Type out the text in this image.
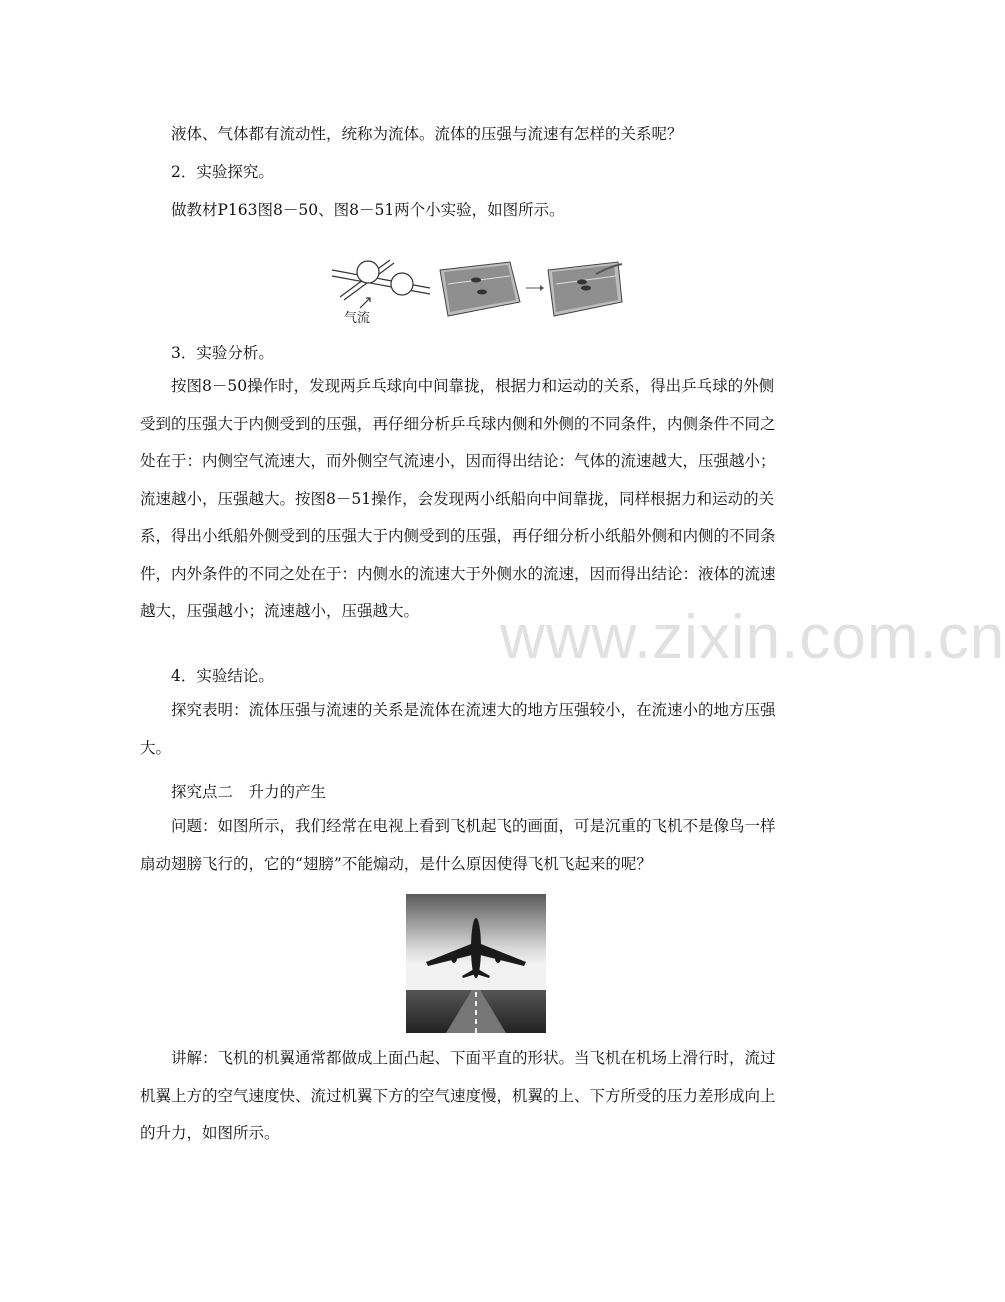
液体、气体都有流动性，统称为流体。流体的压强与流速有怎样的关系呢？
2．实验探究。
做教材P163图8－50、图8－51两个小实验，如图所示。
气流
3．实验分析。
按图8－50操作时，发现两乒乓球向中间靠拢，根据力和运动的关系，得出乒乓球的外侧受到的压强大于内侧受到的压强，再仔细分析乒乓球内侧和外侧的不同条件，内侧条件不同之处在于：内侧空气流速大，而外侧空气流速小，因而得出结论：气体的流速越大，压强越小；流速越小，压强越大。按图8－51操作，会发现两小纸船向中间靠拢，同样根据力和运动的关系，得出小纸船外侧受到的压强大于内侧受到的压强，再仔细分析小纸船外侧和内侧的不同条件，内外条件的不同之处在于：内侧水的流速大于外侧水的流速，因而得出结论：液体的流速越大，压强越小；流速越小，压强越大。	www.zixin.com.cn
4．实验结论。
探究表明：流体压强与流速的关系是流体在流速大的地方压强较小，在流速小的地方压强大。
探究点二　升力的产生
问题：如图所示，我们经常在电视上看到飞机起飞的画面，可是沉重的飞机不是像鸟一样扇动翅膀飞行的，它的“翅膀”不能煽动，是什么原因使得飞机飞起来的呢？
讲解：飞机的机翼通常都做成上面凸起、下面平直的形状。当飞机在机场上滑行时，流过机翼上方的空气速度快、流过机翼下方的空气速度慢，机翼的上、下方所受的压力差形成向上的升力，如图所示。
